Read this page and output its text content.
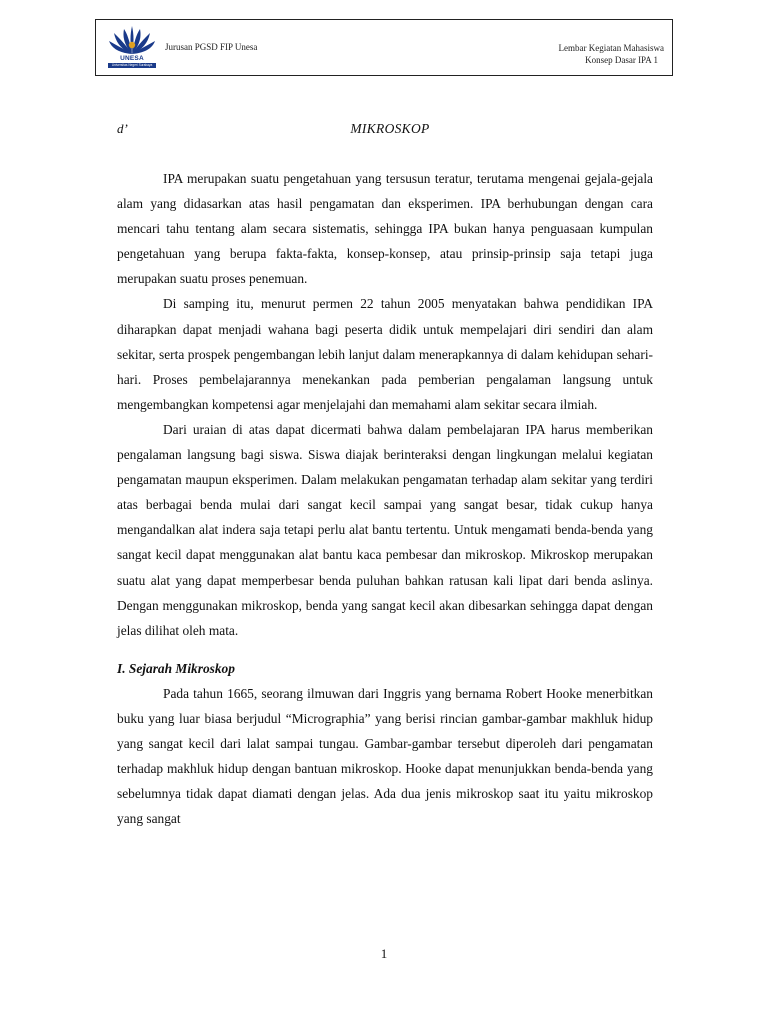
UNESA
Universitas Negeri Surabaya
Jurusan PGSD FIP Unesa	Lembar Kegiatan Mahasiswa
Konsep Dasar IPA 1
d’	MIKROSKOP

IPA merupakan suatu pengetahuan yang tersusun teratur, terutama mengenai gejala-gejala alam yang didasarkan atas hasil pengamatan dan eksperimen. IPA berhubungan dengan cara mencari tahu tentang alam secara sistematis, sehingga IPA bukan hanya penguasaan kumpulan pengetahuan yang berupa fakta-fakta, konsep-konsep, atau prinsip-prinsip saja tetapi juga merupakan suatu proses penemuan.

Di samping itu, menurut permen 22 tahun 2005 menyatakan bahwa pendidikan IPA diharapkan dapat menjadi wahana bagi peserta didik untuk mempelajari diri sendiri dan alam sekitar, serta prospek pengembangan lebih lanjut dalam menerapkannya di dalam kehidupan sehari-hari. Proses pembelajarannya menekankan pada pemberian pengalaman langsung untuk mengembangkan kompetensi agar menjelajahi dan memahami alam sekitar secara ilmiah.

Dari uraian di atas dapat dicermati bahwa dalam pembelajaran IPA harus memberikan pengalaman langsung bagi siswa. Siswa diajak berinteraksi dengan lingkungan melalui kegiatan pengamatan maupun eksperimen. Dalam melakukan pengamatan terhadap alam sekitar yang terdiri atas berbagai benda mulai dari sangat kecil sampai yang sangat besar, tidak cukup hanya mengandalkan alat indera saja tetapi perlu alat bantu tertentu. Untuk mengamati benda-benda yang sangat kecil dapat menggunakan alat bantu kaca pembesar dan mikroskop. Mikroskop merupakan suatu alat yang dapat memperbesar benda puluhan bahkan ratusan kali lipat dari benda aslinya. Dengan menggunakan mikroskop, benda yang sangat kecil akan dibesarkan sehingga dapat dengan jelas dilihat oleh mata.

I. Sejarah Mikroskop

Pada tahun 1665, seorang ilmuwan dari Inggris yang bernama Robert Hooke menerbitkan buku yang luar biasa berjudul “Micrographia” yang berisi rincian gambar-gambar makhluk hidup yang sangat kecil dari lalat sampai tungau. Gambar-gambar tersebut diperoleh dari pengamatan terhadap makhluk hidup dengan bantuan mikroskop. Hooke dapat menunjukkan benda-benda yang sebelumnya tidak dapat diamati dengan jelas. Ada dua jenis mikroskop saat itu yaitu mikroskop yang sangat

1
